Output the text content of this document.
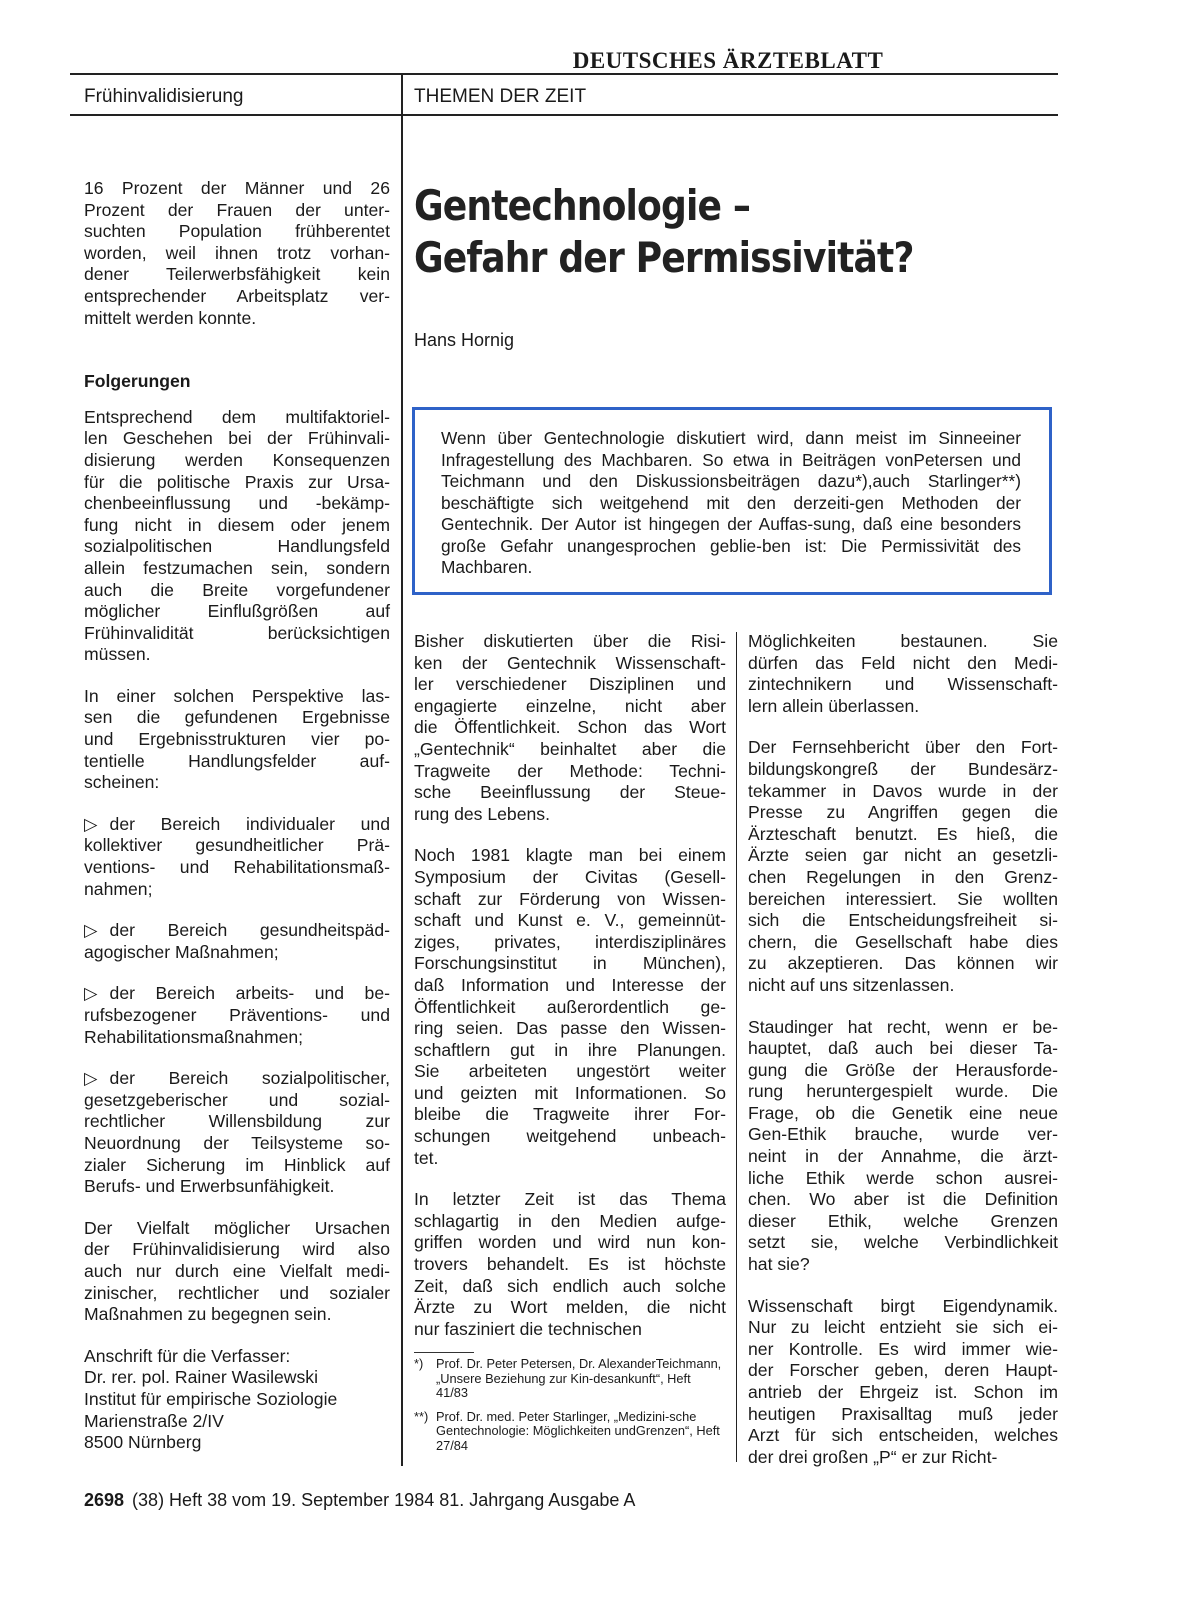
DEUTSCHES ÄRZTEBLATT
Frühinvalidisierung	THEMEN DER ZEIT
16 Prozent der Männer und 26
Prozent der Frauen der unter-
suchten Population frühberentet
worden, weil ihnen trotz vorhan-
dener Teilerwerbsfähigkeit kein
entsprechender Arbeitsplatz ver-
mittelt werden konnte.
Folgerungen
Entsprechend dem multifaktoriel-
len Geschehen bei der Frühinvali-
disierung werden Konsequenzen
für die politische Praxis zur Ursa-
chenbeeinflussung und -bekämp-
fung nicht in diesem oder jenem
sozialpolitischen Handlungsfeld
allein festzumachen sein, sondern
auch die Breite vorgefundener
möglicher Einflußgrößen auf
Frühinvalidität berücksichtigen
müssen.
In einer solchen Perspektive las-
sen die gefundenen Ergebnisse
und Ergebnisstrukturen vier po-
tentielle Handlungsfelder auf-
scheinen:
▷ der Bereich individualer und
kollektiver gesundheitlicher Prä-
ventions- und Rehabilitationsmaß-
nahmen;
▷ der Bereich gesundheitspäd-
agogischer Maßnahmen;
▷ der Bereich arbeits- und be-
rufsbezogener Präventions- und
Rehabilitationsmaßnahmen;
▷ der Bereich sozialpolitischer,
gesetzgeberischer und sozial-
rechtlicher Willensbildung zur
Neuordnung der Teilsysteme so-
zialer Sicherung im Hinblick auf
Berufs- und Erwerbsunfähigkeit.
Der Vielfalt möglicher Ursachen
der Frühinvalidisierung wird also
auch nur durch eine Vielfalt medi-
zinischer, rechtlicher und sozialer
Maßnahmen zu begegnen sein.
Anschrift für die Verfasser:
Dr. rer. pol. Rainer Wasilewski
Institut für empirische Soziologie
Marienstraße 2/IV
8500 Nürnberg
Gentechnologie –
Gefahr der Permissivität?
Hans Hornig
Wenn über Gentechnologie diskutiert wird, dann meist im Sinneeiner Infragestellung des Machbaren. So etwa in Beiträgen vonPetersen und Teichmann und den Diskussionsbeiträgen dazu*),auch Starlinger**) beschäftigte sich weitgehend mit den derzeiti-gen Methoden der Gentechnik. Der Autor ist hingegen der Auffas-sung, daß eine besonders große Gefahr unangesprochen geblie-ben ist: Die Permissivität des Machbaren.
Bisher diskutierten über die Risi-
ken der Gentechnik Wissenschaft-
ler verschiedener Disziplinen und
engagierte einzelne, nicht aber
die Öffentlichkeit. Schon das Wort
„Gentechnik“ beinhaltet aber die
Tragweite der Methode: Techni-
sche Beeinflussung der Steue-
rung des Lebens.
Noch 1981 klagte man bei einem
Symposium der Civitas (Gesell-
schaft zur Förderung von Wissen-
schaft und Kunst e. V., gemeinnüt-
ziges, privates, interdisziplinäres
Forschungsinstitut in München),
daß Information und Interesse der
Öffentlichkeit außerordentlich ge-
ring seien. Das passe den Wissen-
schaftlern gut in ihre Planungen.
Sie arbeiteten ungestört weiter
und geizten mit Informationen. So
bleibe die Tragweite ihrer For-
schungen weitgehend unbeach-
tet.
In letzter Zeit ist das Thema
schlagartig in den Medien aufge-
griffen worden und wird nun kon-
trovers behandelt. Es ist höchste
Zeit, daß sich endlich auch solche
Ärzte zu Wort melden, die nicht
nur fasziniert die technischen
*) Prof. Dr. Peter Petersen, Dr. AlexanderTeichmann, „Unsere Beziehung zur Kin-desankunft“, Heft 41/83
**) Prof. Dr. med. Peter Starlinger, „Medizini-sche Gentechnologie: Möglichkeiten undGrenzen“, Heft 27/84
Möglichkeiten bestaunen. Sie
dürfen das Feld nicht den Medi-
zintechnikern und Wissenschaft-
lern allein überlassen.
Der Fernsehbericht über den Fort-
bildungskongreß der Bundesärz-
tekammer in Davos wurde in der
Presse zu Angriffen gegen die
Ärzteschaft benutzt. Es hieß, die
Ärzte seien gar nicht an gesetzli-
chen Regelungen in den Grenz-
bereichen interessiert. Sie wollten
sich die Entscheidungsfreiheit si-
chern, die Gesellschaft habe dies
zu akzeptieren. Das können wir
nicht auf uns sitzenlassen.
Staudinger hat recht, wenn er be-
hauptet, daß auch bei dieser Ta-
gung die Größe der Herausforde-
rung heruntergespielt wurde. Die
Frage, ob die Genetik eine neue
Gen-Ethik brauche, wurde ver-
neint in der Annahme, die ärzt-
liche Ethik werde schon ausrei-
chen. Wo aber ist die Definition
dieser Ethik, welche Grenzen
setzt sie, welche Verbindlichkeit
hat sie?
Wissenschaft birgt Eigendynamik.
Nur zu leicht entzieht sie sich ei-
ner Kontrolle. Es wird immer wie-
der Forscher geben, deren Haupt-
antrieb der Ehrgeiz ist. Schon im
heutigen Praxisalltag muß jeder
Arzt für sich entscheiden, welches
der drei großen „P“ er zur Richt-
2698 (38) Heft 38 vom 19. September 1984 81. Jahrgang Ausgabe A
